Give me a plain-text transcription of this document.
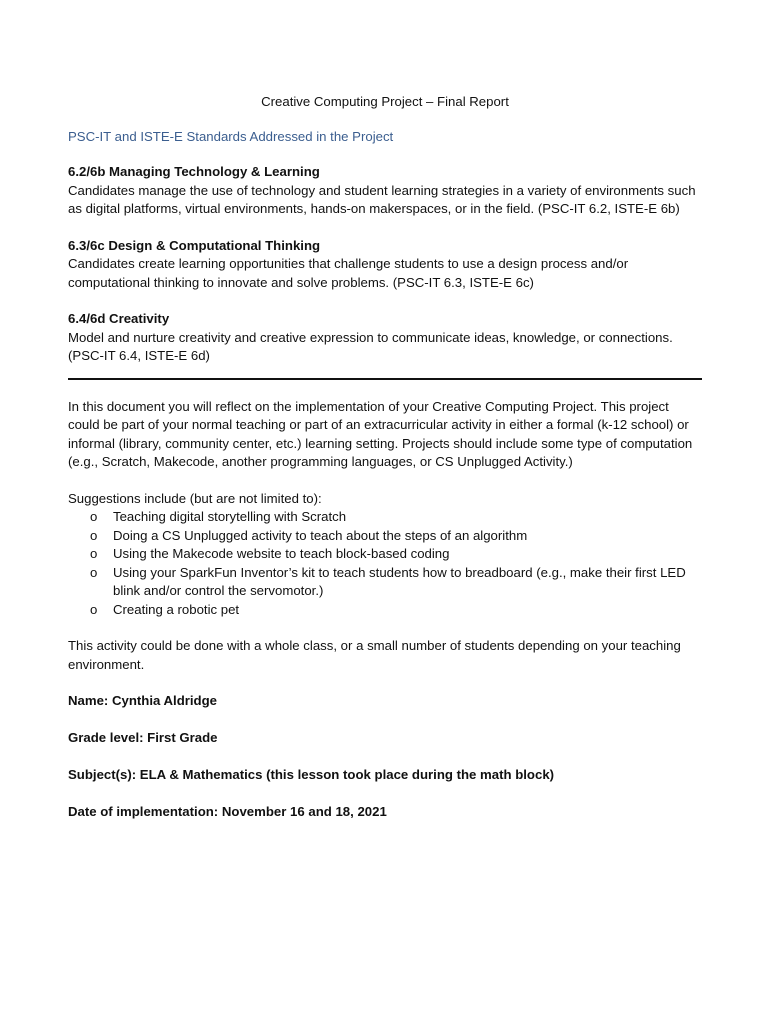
Creative Computing Project – Final Report

PSC-IT and ISTE-E Standards Addressed in the Project

6.2/6b Managing Technology & Learning
Candidates manage the use of technology and student learning strategies in a variety of environments such as digital platforms, virtual environments, hands-on makerspaces, or in the field. (PSC-IT 6.2, ISTE-E 6b)
6.3/6c Design & Computational Thinking
Candidates create learning opportunities that challenge students to use a design process and/or computational thinking to innovate and solve problems. (PSC-IT 6.3, ISTE-E 6c)
6.4/6d Creativity
Model and nurture creativity and creative expression to communicate ideas, knowledge, or connections. (PSC-IT 6.4, ISTE-E 6d)

In this document you will reflect on the implementation of your Creative Computing Project. This project could be part of your normal teaching or part of an extracurricular activity in either a formal (k-12 school) or informal (library, community center, etc.) learning setting. Projects should include some type of computation (e.g., Scratch, Makecode, another programming languages, or CS Unplugged Activity.)

Suggestions include (but are not limited to):

o Teaching digital storytelling with Scratch
o Doing a CS Unplugged activity to teach about the steps of an algorithm
o Using the Makecode website to teach block-based coding
o Using your SparkFun Inventor’s kit to teach students how to breadboard (e.g., make their first LED blink and/or control the servomotor.)
o Creating a robotic pet

This activity could be done with a whole class, or a small number of students depending on your teaching environment.

Name: Cynthia Aldridge

Grade level: First Grade

Subject(s): ELA & Mathematics (this lesson took place during the math block)

Date of implementation: November 16 and 18, 2021
